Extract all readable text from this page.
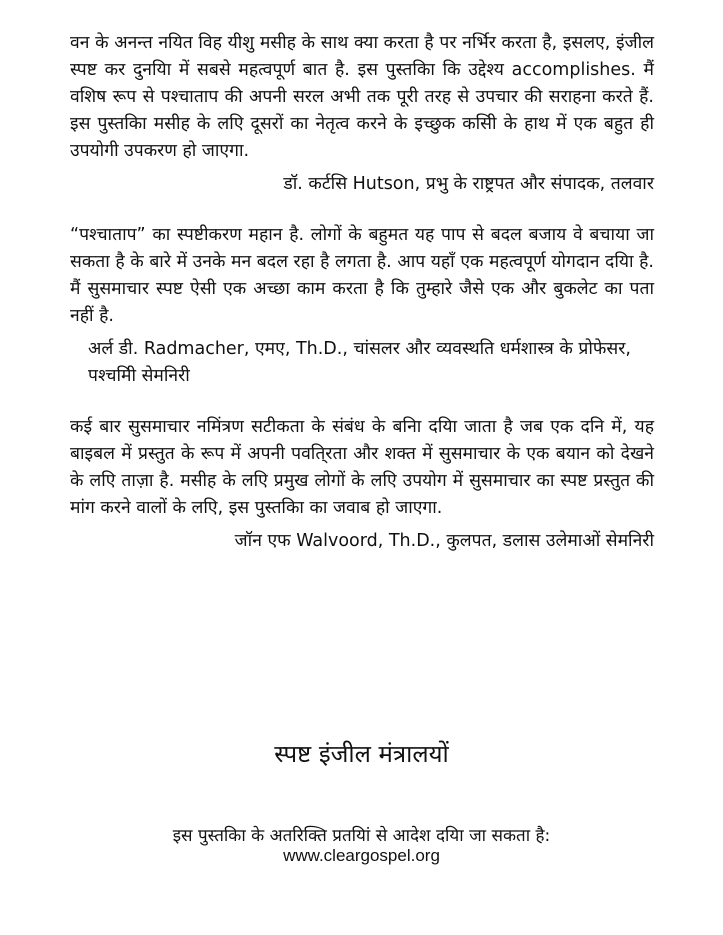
वन के अनन्त नयित विह यीशु मसीह के साथ क्या करता है पर नर्भिर करता है, इसलए, इंजील स्पष्ट कर दुनयिा में सबसे महत्वपूर्ण बात है. इस पुस्तकाि कि उद्देश्य accomplishes. मैं वशिष रूप से पश्चाताप की अपनी सरल अभी तक पूरी तरह से उपचार की सराहना करते हैं. इस पुस्तकाि मसीह के लएि दूसरों का नेतृत्व करने के इच्छुक कसिी के हाथ में एक बहुत ही उपयोगी उपकरण हो जाएगा.

डॉ. कर्टसि Hutson, प्रभु के राष्ट्रपत और संपादक, तलवार

“पश्चाताप” का स्पष्टीकरण महान है. लोगों के बहुमत यह पाप से बदल बजाय वे बचाया जा सकता है के बारे में उनके मन बदल रहा है लगता है. आप यहाँ एक महत्वपूर्ण योगदान दयाि है. मैं सुसमाचार स्पष्ट ऐसी एक अच्छा काम करता है कि तुम्हारे जैसे एक और बुकलेट का पता नहीं है.

अर्ल डी. Radmacher, एमए, Th.D., चांसलर और व्यवस्थति धर्मशास्त्र के प्रोफेसर, पश्चमिी सेमनिरी

कई बार सुसमाचार नमिंत्रण सटीकता के संबंध के बनिा दयिा जाता है जब एक दनि में, यह बाइबल में प्रस्तुत के रूप में अपनी पवति्रता और शक्त में सुसमाचार के एक बयान को देखने के लएि ताज़ा है. मसीह के लएि प्रमुख लोगों के लएि उपयोग में सुसमाचार का स्पष्ट प्रस्तुत की मांग करने वालों के लएि, इस पुस्तकाि का जवाब हो जाएगा.

जॉन एफ Walvoord, Th.D., कुलपत, डलास उलेमाओं सेमनिरी

स्पष्ट इंजील मंत्रालयों
इस पुस्तकाि के अतरिक्ति प्रतयिां से आदेश दयिा जा सकता है:
www.cleargospel.org
